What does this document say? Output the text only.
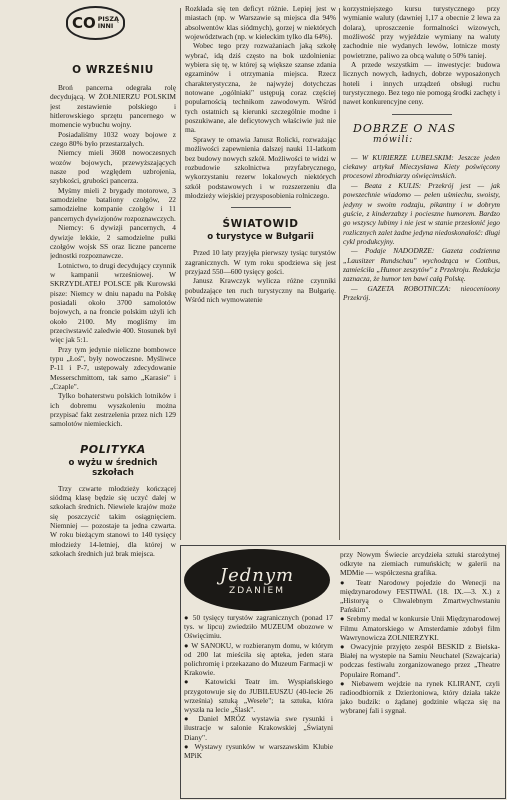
CO PISZĄ
INNI
O WRZEŚNIU

Broń pancerna odegrała rolę decydującą. W ŻOŁNIERZU POLSKIM jest zestawienie polskiego i hitlerowskiego sprzętu pancernego w momencie wybuchu wojny.

Posiadaliśmy 1032 wozy bojowe z czego 80% było przestarzałych.

Niemcy mieli 3608 nowoczesnych wozów bojowych, przewyższających nasze pod względem uzbrojenia, szybkości, grubości pancerza.

Myśmy mieli 2 brygady motorowe, 3 samodzielne bataliony czołgów, 22 samodzielne kompanie czołgów i 11 pancernych dywizjonów rozpoznawczych.

Niemcy: 6 dywizji pancernych, 4 dywizje lekkie, 2 samodzielne pułki czołgów wojsk SS oraz liczne pancerne jednostki rozpoznawcze.

Lotnictwo, to drugi decydujący czynnik w kampanii wrześniowej. W SKRZYDLATEJ POLSCE płk Kurowski pisze: Niemcy w dniu napadu na Polskę posiadali około 3700 samolotów bojowych, a na froncie polskim użyli ich około 2100. My mogliśmy im przeciwstawić zaledwie 400. Stosunek był więc jak 5:1.

Przy tym jedynie nieliczne bombowce typu „Łoś", były nowoczesne. Myśliwce P-11 i P-7, ustępowały zdecydowanie Messerschmittom, tak samo „Karasie" i „Czaple".

Tylko bohaterstwu polskich lotników i ich dobremu wyszkoleniu można przypisać fakt zestrzelenia przez nich 129 samolotów niemieckich.

POLITYKA
o wyżu w średnich szkołach

Trzy czwarte młodzieży kończącej siódmą klasę będzie się uczyć dalej w szkołach średnich. Niewiele krajów może się poszczycić takim osiągnięciem. Niemniej — pozostaje ta jedna czwarta. W roku bieżącym stanowi to 140 tysięcy młodzieży 14-letniej, dla której w szkołach średnich już brak miejsca.

Rozkłada się ten deficyt różnie. Lepiej jest w miastach (np. w Warszawie są miejsca dla 94% absolwentów klas siódmych), gorzej w niektórych województwach (np. w kieleckim tylko dla 64%).

Wobec tego przy rozważaniach jaką szkołę wybrać, idą dziś często na bok uzdolnienia: wybiera się tę, w której są większe szanse zdania egzaminów i otrzymania miejsca. Rzecz charakterystyczna, że najwyżej dotychczas notowane „ogólniaki" ustępują coraz częściej popularnością technikom zawodowym. Wśród tych ostatnich są kierunki szczególnie modne i poszukiwane, ale deficytowych właściwie już nie ma.

Sprawy te omawia Janusz Rolicki, rozważając możliwości zapewnienia dalszej nauki 11-latkom bez budowy nowych szkół. Możliwości te widzi w rozbudowie szkolnictwa przyfabrycznego, wykorzystaniu rezerw lokalowych niektórych szkół podstawowych i w rozszerzeniu dla młodzieży wiejskiej przysposobienia rolniczego.

ŚWIATOWID
o turystyce w Bułgarii

Przed 10 laty przyjęła pierwszy tysiąc turystów zagranicznych. W tym roku spodziewa się jest przyjazd 550—600 tysięcy gości.

Janusz Krawczyk wylicza różne czynniki pobudzające ten ruch turystyczny na Bułgarię. Wśród nich wymowatenie

korzystniejszego kursu turystycznego przy wymianie waluty (dawniej 1,17 a obecnie 2 lewa za dolara), uproszczenie formalności wizowych, możliwość przy wyjeździe wymiany na waluty zachodnie nie wydanych lewów, lotnicze mosty powietrzne, paliwo za obcą walutę o 50% taniej.

A przede wszystkim — inwestycje: budowa licznych nowych, ładnych, dobrze wyposażonych hoteli i innych urządzeń obsługi ruchu turystycznego. Bez tego nie pomogą środki zachęty i nawet konkurencyjne ceny.

DOBRZE O NAS
mówili:

— W KURIERZE LUBELSKIM: Jeszcze jeden ciekawy artykuł Mieczysława Kiety poświęcony procesowi zbrodniarzy oświęcimskich.

— Beata z KULIS: Przekrój jest — jak powszechnie wiadomo — pełen uśmiechu, swoisty, jedyny w swoim rodzaju, pikantny i w dobrym guście, z kinderzabzy i pocieszne humorem. Bardzo go wszyscy lubimy i nie jest w stanie przesłonić jego rozlicznych zalet żadne jedyna niedoskonałość: długi cykl produkcyjny.

— Podaje NADODRZE: Gazeta codzienna „Lausitzer Rundschau" wychodząca w Cottbus, zamieściła „Humor zeszytów" z Przekroju. Redakcja zaznacza, że humor ten bawi całą Polskę.

— GAZETA ROBOTNICZA: nieocenioony Przekrój.

Jednym
ZDANIEM

● 50 tysięcy turystów zagranicznych (ponad 17 tys. w lipcu) zwiedziło MUZEUM obozowe w Oświęcimiu.

● W SANOKU, w rozbieranym domu, w którym od 200 lat mieściła się apteka, jeden stara polichromię i przekazano do Muzeum Farmacji w Krakowie.

● Katowicki Teatr im. Wyspiańskiego przygotowuje się do JUBILEUSZU (40-lecie 26 września) sztuką „Wesele"; ta sztuka, która wyszła na lecie „Ślask".

● Daniel MRÓZ wystawia swe rysunki i ilustracje w salonie Krakowskiej „Światyni Diany".

● Wystawy rysunków w warszawskim Klubie MPiK

przy Nowym Świecie arcydzieła sztuki starożytnej odkryte na ziemiach rumuńskich; w galerii na MDMie — współczesna grafika.

● Teatr Narodowy pojedzie do Wenecji na międzynarodowy FESTIWAL (18. IX.—3. X.) z „Historyą o Chwalebnym Zmartwychwstaniu Pańskim".

● Srebrny medal w konkursie Unii Międzynarodowej Filmu Amatorskiego w Amsterdamie zdobył film Wawrynowicza ZOLNIERZYKI.

● Owacyjnie przyjęto zespół BESKID z Bielska-Białej na wystepie na Samiu Neuchatel (Szwajcaria) podczas festiwalu zorganizowanego przez „Theatre Populaire Romand".

● Niebawem wejdzie na rynek KLIRANT, czyli radioodbiornik z Dzierżoniowa, który działa także jako budzik: o żądanej godzinie włącza się na wybranej fali i sygnał.
